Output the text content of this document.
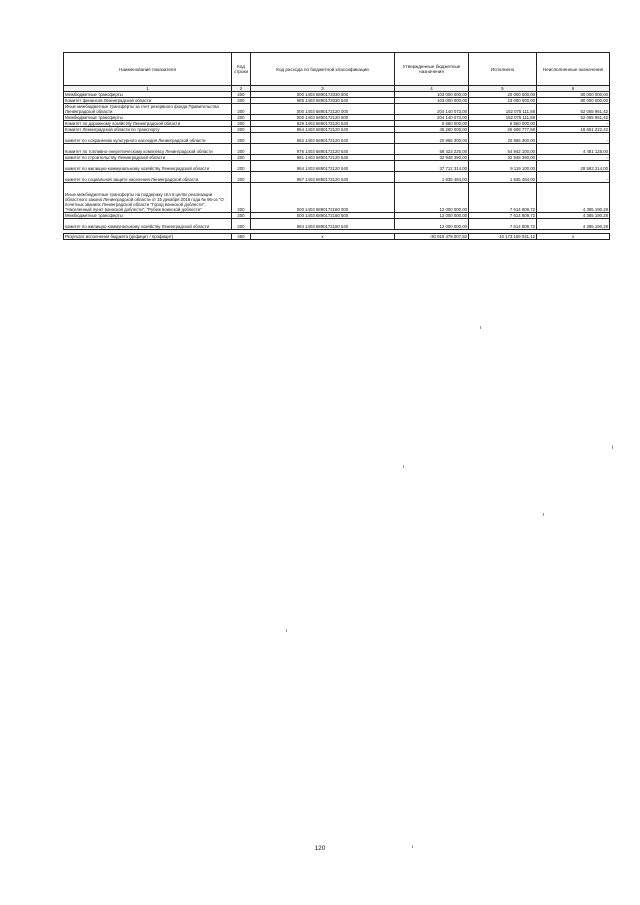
Наименование показателя	Код строки	Код расхода по бюджетной классификации	Утвержденные бюджетные назначения	Исполнено	Неисполненные назначения
1	2	3	4	5	6
Межбюджетные трансферты	200	000 1403 6890172030 500	103 000 000,00	20 000 000,00	80 000 000,00
Комитет финансов Ленинградской области	200	985 1403 6890172030 540	103 000 000,00	23 000 000,00	80 000 000,00
Иные межбюджетные трансферты за счет резервного фонда Правительства Ленинградской области	200	000 1403 6890172120 000	204 140 073,00	152 075 111,58	52 065 961,42
Межбюджетные трансферты	200	000 1403 6890172120 500	204 140 073,00	152 075 111,58	52 065 961,42
Комитет по дорожному хозяйству Ленинградской области	200	929 1403 6890172120 540	6 560 000,00	6 560 000,00	-
Комитет Ленинградской области по транспорту	200	954 1403 6890172120 540	45 260 000,00	26 608 777,58	18 651 222,42
комитет по сохранению культурного наследия Ленинградской области	200	962 1403 6890172120 540	20 865 300,00	20 865 300,00	-
Комитет по топливно-энергетическому комплексу Ленинградской области	200	976 1403 6890172120 540	59 423 225,00	54 942 100,00	4 481 125,00
комитет по строительству Ленинградской области	200	981 1403 6890172120 540	32 948 390,00	32 948 390,00	-
комитет по жилищно-коммунальному хозяйству Ленинградской области	200	984 1403 6890172120 540	37 712 314,00	9 119 100,00	28 593 214,00
комитет по социальной защите населения Ленинградской области	200	987 1403 6890172120 540	1 835 484,00	1 835 484,00	-
Иные межбюджетные трансферты на поддержку сёл в целях реализации областного закона Ленинградской области от 15 декабря 2016 года № 96-оз "О почетных званиях Ленинградской области "Город воинской доблести", "Населенный пункт воинской доблести", "Рубеж воинской доблести"	200	000 1403 6890172160 000	12 000 000,00	7 614 809,72	4 385 190,28
Межбюджетные трансферты	200	000 1403 6890172160 500	12 000 000,00	7 614 809,72	4 385 190,28
комитет по жилищно-коммунальному хозяйству Ленинградской области	200	984 1403 6890172160 540	12 000 000,00	7 614 809,72	4 385 190,28

Результат исполнения бюджета (дефицит / профицит)	450	x	-30 919 479 007,82	-16 173 159 031,12	x
120
